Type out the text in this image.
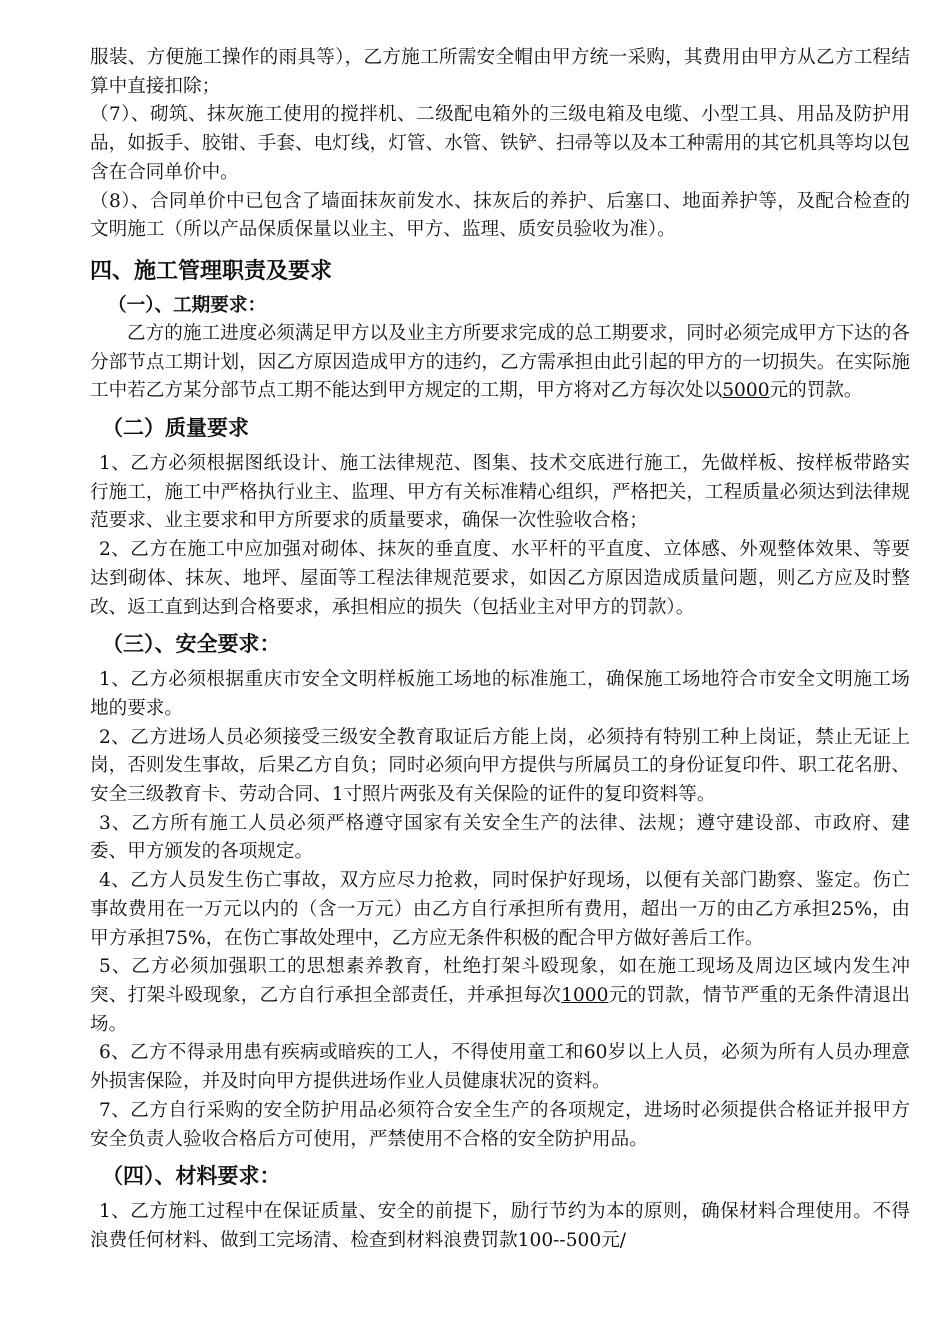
服装、方便施工操作的雨具等），乙方施工所需安全帽由甲方统一采购，其费用由甲方从乙方工程结算中直接扣除；

（7）、砌筑、抹灰施工使用的搅拌机、二级配电箱外的三级电箱及电缆、小型工具、用品及防护用品，如扳手、胶钳、手套、电灯线，灯管、水管、铁铲、扫帚等以及本工种需用的其它机具等均以包含在合同单价中。

（8）、合同单价中已包含了墙面抹灰前发水、抹灰后的养护、后塞口、地面养护等，及配合检查的文明施工（所以产品保质保量以业主、甲方、监理、质安员验收为准）。

四、施工管理职责及要求

（一）、工期要求：

乙方的施工进度必须满足甲方以及业主方所要求完成的总工期要求，同时必须完成甲方下达的各分部节点工期计划，因乙方原因造成甲方的违约，乙方需承担由此引起的甲方的一切损失。在实际施工中若乙方某分部节点工期不能达到甲方规定的工期，甲方将对乙方每次处以5000元的罚款。

（二）质量要求

1、乙方必须根据图纸设计、施工法律规范、图集、技术交底进行施工，先做样板、按样板带路实行施工，施工中严格执行业主、监理、甲方有关标准精心组织，严格把关，工程质量必须达到法律规范要求、业主要求和甲方所要求的质量要求，确保一次性验收合格；

2、乙方在施工中应加强对砌体、抹灰的垂直度、水平杆的平直度、立体感、外观整体效果、等要达到砌体、抹灰、地坪、屋面等工程法律规范要求，如因乙方原因造成质量问题，则乙方应及时整改、返工直到达到合格要求，承担相应的损失（包括业主对甲方的罚款）。

（三）、安全要求：

1、乙方必须根据重庆市安全文明样板施工场地的标准施工，确保施工场地符合市安全文明施工场地的要求。

2、乙方进场人员必须接受三级安全教育取证后方能上岗，必须持有特别工种上岗证，禁止无证上岗，否则发生事故，后果乙方自负；同时必须向甲方提供与所属员工的身份证复印件、职工花名册、安全三级教育卡、劳动合同、1寸照片两张及有关保险的证件的复印资料等。

3、乙方所有施工人员必须严格遵守国家有关安全生产的法律、法规；遵守建设部、市政府、建委、甲方颁发的各项规定。

4、乙方人员发生伤亡事故，双方应尽力抢救，同时保护好现场，以便有关部门勘察、鉴定。伤亡事故费用在一万元以内的（含一万元）由乙方自行承担所有费用，超出一万的由乙方承担25%，由甲方承担75%，在伤亡事故处理中，乙方应无条件积极的配合甲方做好善后工作。

5、乙方必须加强职工的思想素养教育，杜绝打架斗殴现象，如在施工现场及周边区域内发生冲突、打架斗殴现象，乙方自行承担全部责任，并承担每次1000元的罚款，情节严重的无条件清退出场。

6、乙方不得录用患有疾病或暗疾的工人，不得使用童工和60岁以上人员，必须为所有人员办理意外损害保险，并及时向甲方提供进场作业人员健康状况的资料。

7、乙方自行采购的安全防护用品必须符合安全生产的各项规定，进场时必须提供合格证并报甲方安全负责人验收合格后方可使用，严禁使用不合格的安全防护用品。

（四）、材料要求：

1、乙方施工过程中在保证质量、安全的前提下，励行节约为本的原则，确保材料合理使用。不得浪费任何材料、做到工完场清、检查到材料浪费罚款100--500元/
